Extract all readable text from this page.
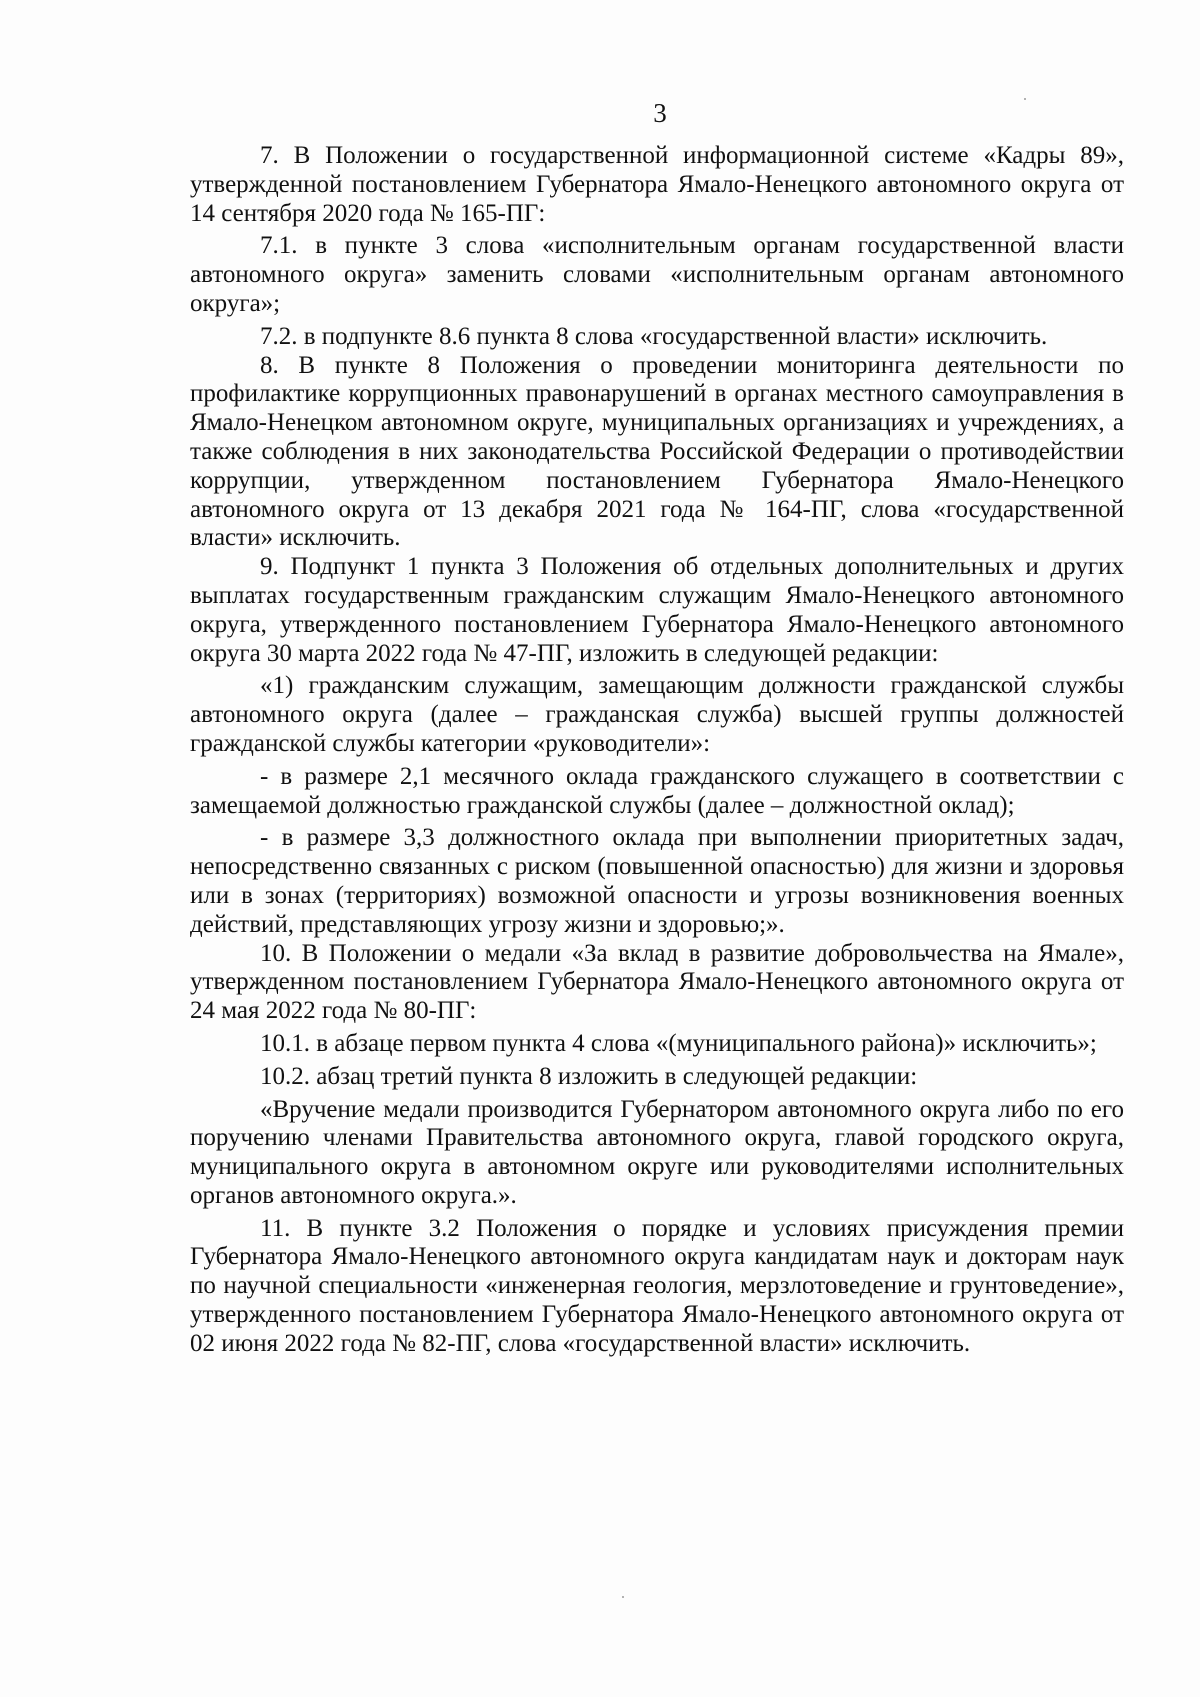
3

7. В Положении о государственной информационной системе «Кадры 89», утвержденной постановлением Губернатора Ямало-Ненецкого автономного округа от 14 сентября 2020 года № 165-ПГ:

7.1. в пункте 3 слова «исполнительным органам государственной власти автономного округа» заменить словами «исполнительным органам автономного округа»;

7.2. в подпункте 8.6 пункта 8 слова «государственной власти» исключить.

8. В пункте 8 Положения о проведении мониторинга деятельности по профилактике коррупционных правонарушений в органах местного самоуправления в Ямало-Ненецком автономном округе, муниципальных организациях и учреждениях, а также соблюдения в них законодательства Российской Федерации о противодействии коррупции, утвержденном постановлением Губернатора Ямало-Ненецкого автономного округа от 13 декабря 2021 года № 164-ПГ, слова «государственной власти» исключить.

9. Подпункт 1 пункта 3 Положения об отдельных дополнительных и других выплатах государственным гражданским служащим Ямало-Ненецкого автономного округа, утвержденного постановлением Губернатора Ямало-Ненецкого автономного округа 30 марта 2022 года № 47-ПГ, изложить в следующей редакции:

«1) гражданским служащим, замещающим должности гражданской службы автономного округа (далее – гражданская служба) высшей группы должностей гражданской службы категории «руководители»:

- в размере 2,1 месячного оклада гражданского служащего в соответствии с замещаемой должностью гражданской службы (далее – должностной оклад);

- в размере 3,3 должностного оклада при выполнении приоритетных задач, непосредственно связанных с риском (повышенной опасностью) для жизни и здоровья или в зонах (территориях) возможной опасности и угрозы возникновения военных действий, представляющих угрозу жизни и здоровью;».

10. В Положении о медали «За вклад в развитие добровольчества на Ямале», утвержденном постановлением Губернатора Ямало-Ненецкого автономного округа от 24 мая 2022 года № 80-ПГ:

10.1. в абзаце первом пункта 4 слова «(муниципального района)» исключить»;

10.2. абзац третий пункта 8 изложить в следующей редакции:

«Вручение медали производится Губернатором автономного округа либо по его поручению членами Правительства автономного округа, главой городского округа, муниципального округа в автономном округе или руководителями исполнительных органов автономного округа.».

11. В пункте 3.2 Положения о порядке и условиях присуждения премии Губернатора Ямало-Ненецкого автономного округа кандидатам наук и докторам наук по научной специальности «инженерная геология, мерзлотоведение и грунтоведение», утвержденного постановлением Губернатора Ямало-Ненецкого автономного округа от 02 июня 2022 года № 82-ПГ, слова «государственной власти» исключить.
